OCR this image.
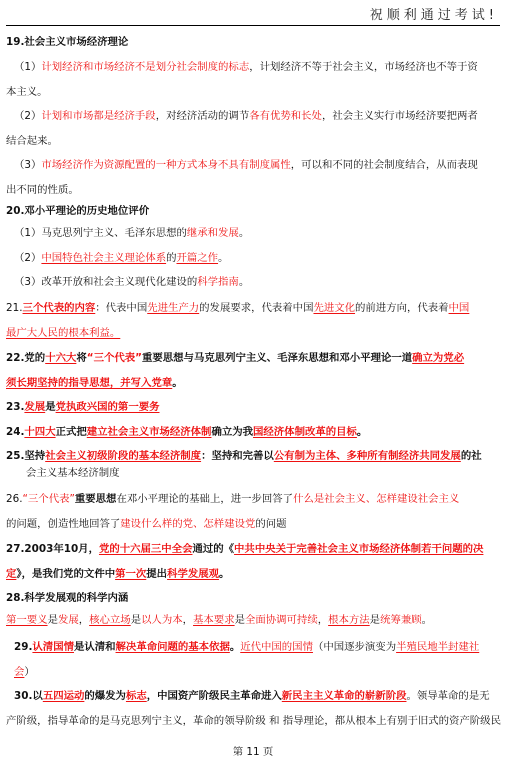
祝顺利通过考试!
19.社会主义市场经济理论
（1）计划经济和市场经济不是划分社会制度的标志，计划经济不等于社会主义，市场经济也不等于资
本主义。
（2）计划和市场都是经济手段，对经济活动的调节各有优势和长处，社会主义实行市场经济要把两者
结合起来。
（3）市场经济作为资源配置的一种方式本身不具有制度属性，可以和不同的社会制度结合，从而表现
出不同的性质。
20.邓小平理论的历史地位评价
（1）马克思列宁主义、毛泽东思想的继承和发展。
（2）中国特色社会主义理论体系的开篇之作。
（3）改革开放和社会主义现代化建设的科学指南。
21.三个代表的内容：代表中国先进生产力的发展要求，代表着中国先进文化的前进方向，代表着中国
最广大人民的根本利益。
22.党的十六大将“三个代表”重要思想与马克思列宁主义、毛泽东思想和邓小平理论一道确立为党必
须长期坚持的指导思想，并写入党章。
23.发展是党执政兴国的第一要务
24.十四大正式把建立社会主义市场经济体制确立为我国经济体制改革的目标。
25.坚持社会主义初级阶段的基本经济制度：坚持和完善以公有制为主体、多种所有制经济共同发展的社
会主义基本经济制度
26.“三个代表”重要思想在邓小平理论的基础上，进一步回答了什么是社会主义、怎样建设社会主义
的问题，创造性地回答了建设什么样的党、怎样建设党的问题
27.2003年10月，党的十六届三中全会通过的《中共中央关于完善社会主义市场经济体制若干问题的决
定》，是我们党的文件中第一次提出科学发展观。
28.科学发展观的科学内涵
第一要义是发展，核心立场是以人为本，基本要求是全面协调可持续，根本方法是统筹兼顾。
29.认清国情是认清和解决革命问题的基本依据。近代中国的国情（中国逐步演变为半殖民地半封建社
会）
30.以五四运动的爆发为标志，中国资产阶级民主革命进入新民主主义革命的崭新阶段。领导革命的是无
产阶级，指导革命的是马克思列宁主义，革命的领导阶级 和 指导理论，都从根本上有别于旧式的资产阶级民
第 11 页
